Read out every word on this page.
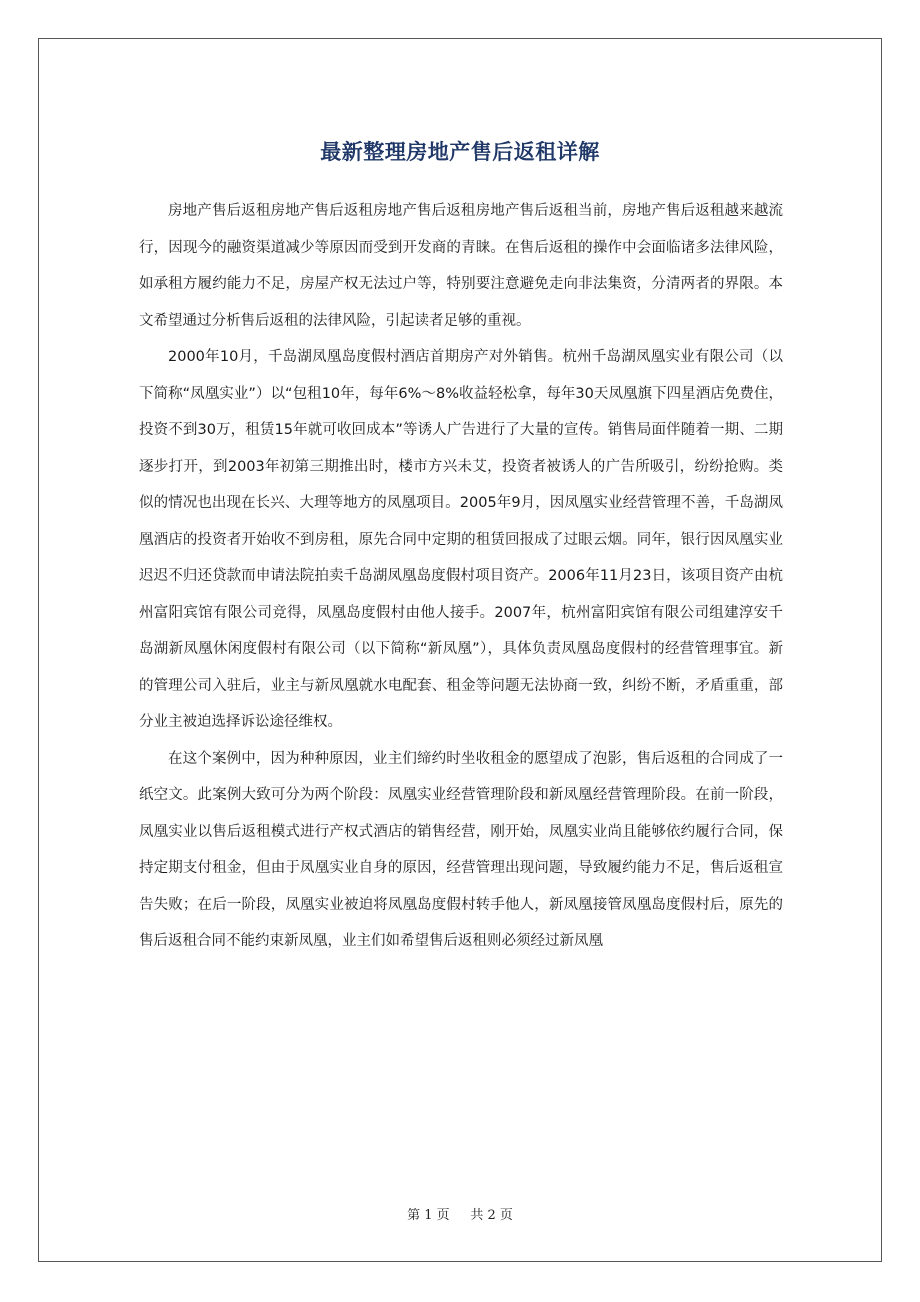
最新整理房地产售后返租详解

房地产售后返租房地产售后返租房地产售后返租房地产售后返租当前，房地产售后返租越来越流行，因现今的融资渠道减少等原因而受到开发商的青睐。在售后返租的操作中会面临诸多法律风险，如承租方履约能力不足，房屋产权无法过户等，特别要注意避免走向非法集资，分清两者的界限。本文希望通过分析售后返租的法律风险，引起读者足够的重视。

2000年10月，千岛湖凤凰岛度假村酒店首期房产对外销售。杭州千岛湖凤凰实业有限公司（以下简称“凤凰实业”）以“包租10年，每年6%～8%收益轻松拿，每年30天凤凰旗下四星酒店免费住，投资不到30万，租赁15年就可收回成本”等诱人广告进行了大量的宣传。销售局面伴随着一期、二期逐步打开，到2003年初第三期推出时，楼市方兴未艾，投资者被诱人的广告所吸引，纷纷抢购。类似的情况也出现在长兴、大理等地方的凤凰项目。2005年9月，因凤凰实业经营管理不善，千岛湖凤凰酒店的投资者开始收不到房租，原先合同中定期的租赁回报成了过眼云烟。同年，银行因凤凰实业迟迟不归还贷款而申请法院拍卖千岛湖凤凰岛度假村项目资产。2006年11月23日，该项目资产由杭州富阳宾馆有限公司竞得，凤凰岛度假村由他人接手。2007年，杭州富阳宾馆有限公司组建淳安千岛湖新凤凰休闲度假村有限公司（以下简称“新凤凰”），具体负责凤凰岛度假村的经营管理事宜。新的管理公司入驻后，业主与新凤凰就水电配套、租金等问题无法协商一致，纠纷不断，矛盾重重，部分业主被迫选择诉讼途径维权。

在这个案例中，因为种种原因，业主们缔约时坐收租金的愿望成了泡影，售后返租的合同成了一纸空文。此案例大致可分为两个阶段：凤凰实业经营管理阶段和新凤凰经营管理阶段。在前一阶段，凤凰实业以售后返租模式进行产权式酒店的销售经营，刚开始，凤凰实业尚且能够依约履行合同，保持定期支付租金，但由于凤凰实业自身的原因，经营管理出现问题，导致履约能力不足，售后返租宣告失败；在后一阶段，凤凰实业被迫将凤凰岛度假村转手他人，新凤凰接管凤凰岛度假村后，原先的售后返租合同不能约束新凤凰，业主们如希望售后返租则必须经过新凤凰

第 1 页 共 2 页
